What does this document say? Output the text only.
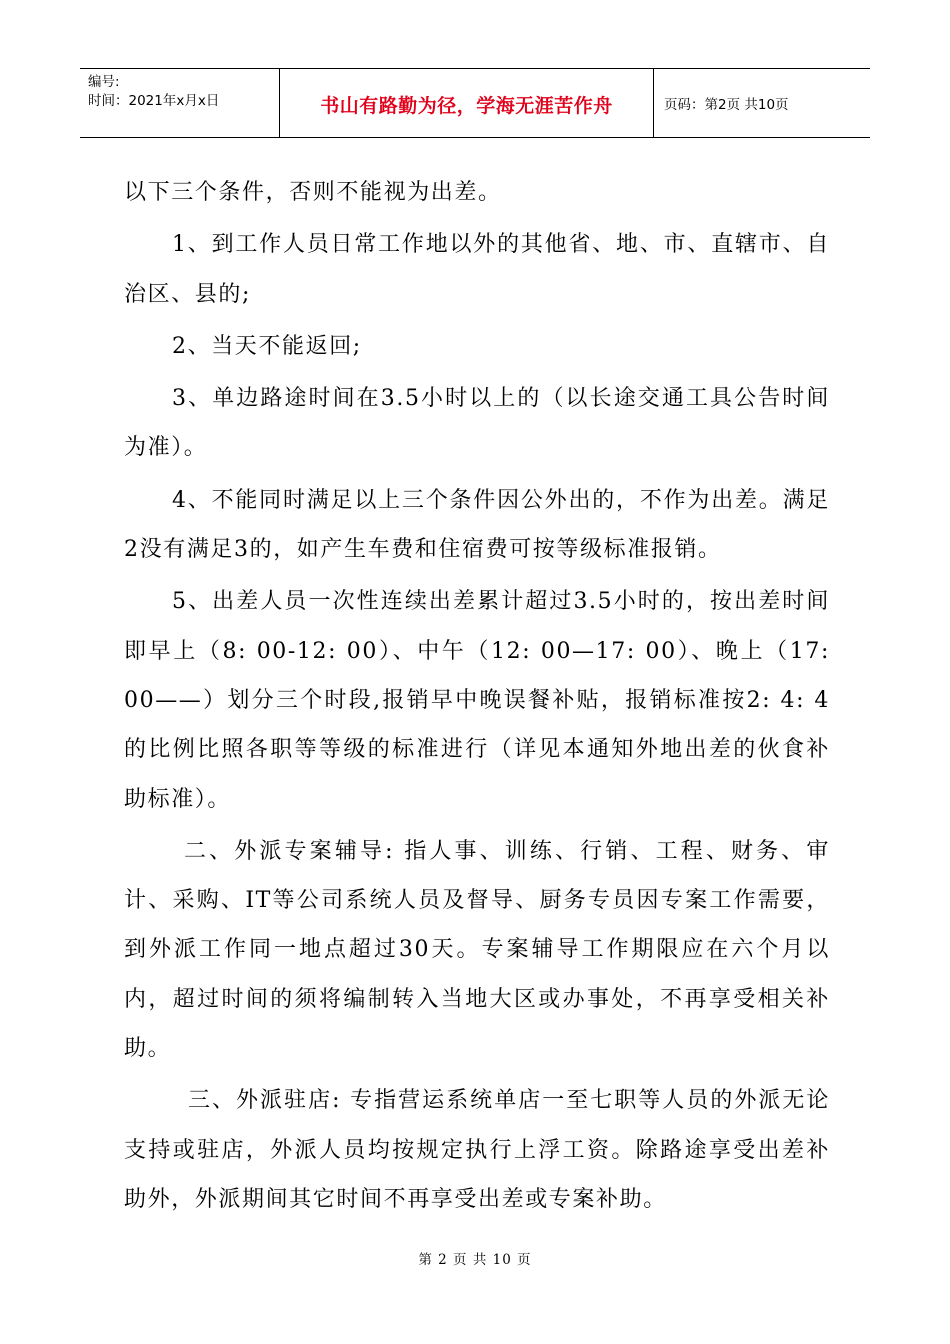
编号:
时间：2021年x月x日	书山有路勤为径，学海无涯苦作舟	页码：第2页 共10页

以下三个条件，否则不能视为出差。

1、到工作人员日常工作地以外的其他省、地、市、直辖市、自治区、县的;

2、当天不能返回;

3、单边路途时间在3.5小时以上的（以长途交通工具公告时间为准）。

4、不能同时满足以上三个条件因公外出的，不作为出差。满足2没有满足3的，如产生车费和住宿费可按等级标准报销。

5、出差人员一次性连续出差累计超过3.5小时的，按出差时间即早上（8: 00-12: 00）、中午（12: 00—17: 00）、晚上（17: 00——）划分三个时段,报销早中晚误餐补贴，报销标准按2: 4: 4的比例比照各职等等级的标准进行（详见本通知外地出差的伙食补助标准）。

二、外派专案辅导: 指人事、训练、行销、工程、财务、审计、采购、IT等公司系统人员及督导、厨务专员因专案工作需要，到外派工作同一地点超过30天。专案辅导工作期限应在六个月以内，超过时间的须将编制转入当地大区或办事处，不再享受相关补助。

三、外派驻店: 专指营运系统单店一至七职等人员的外派无论支持或驻店，外派人员均按规定执行上浮工资。除路途享受出差补助外，外派期间其它时间不再享受出差或专案补助。

第 2 页 共 10 页
